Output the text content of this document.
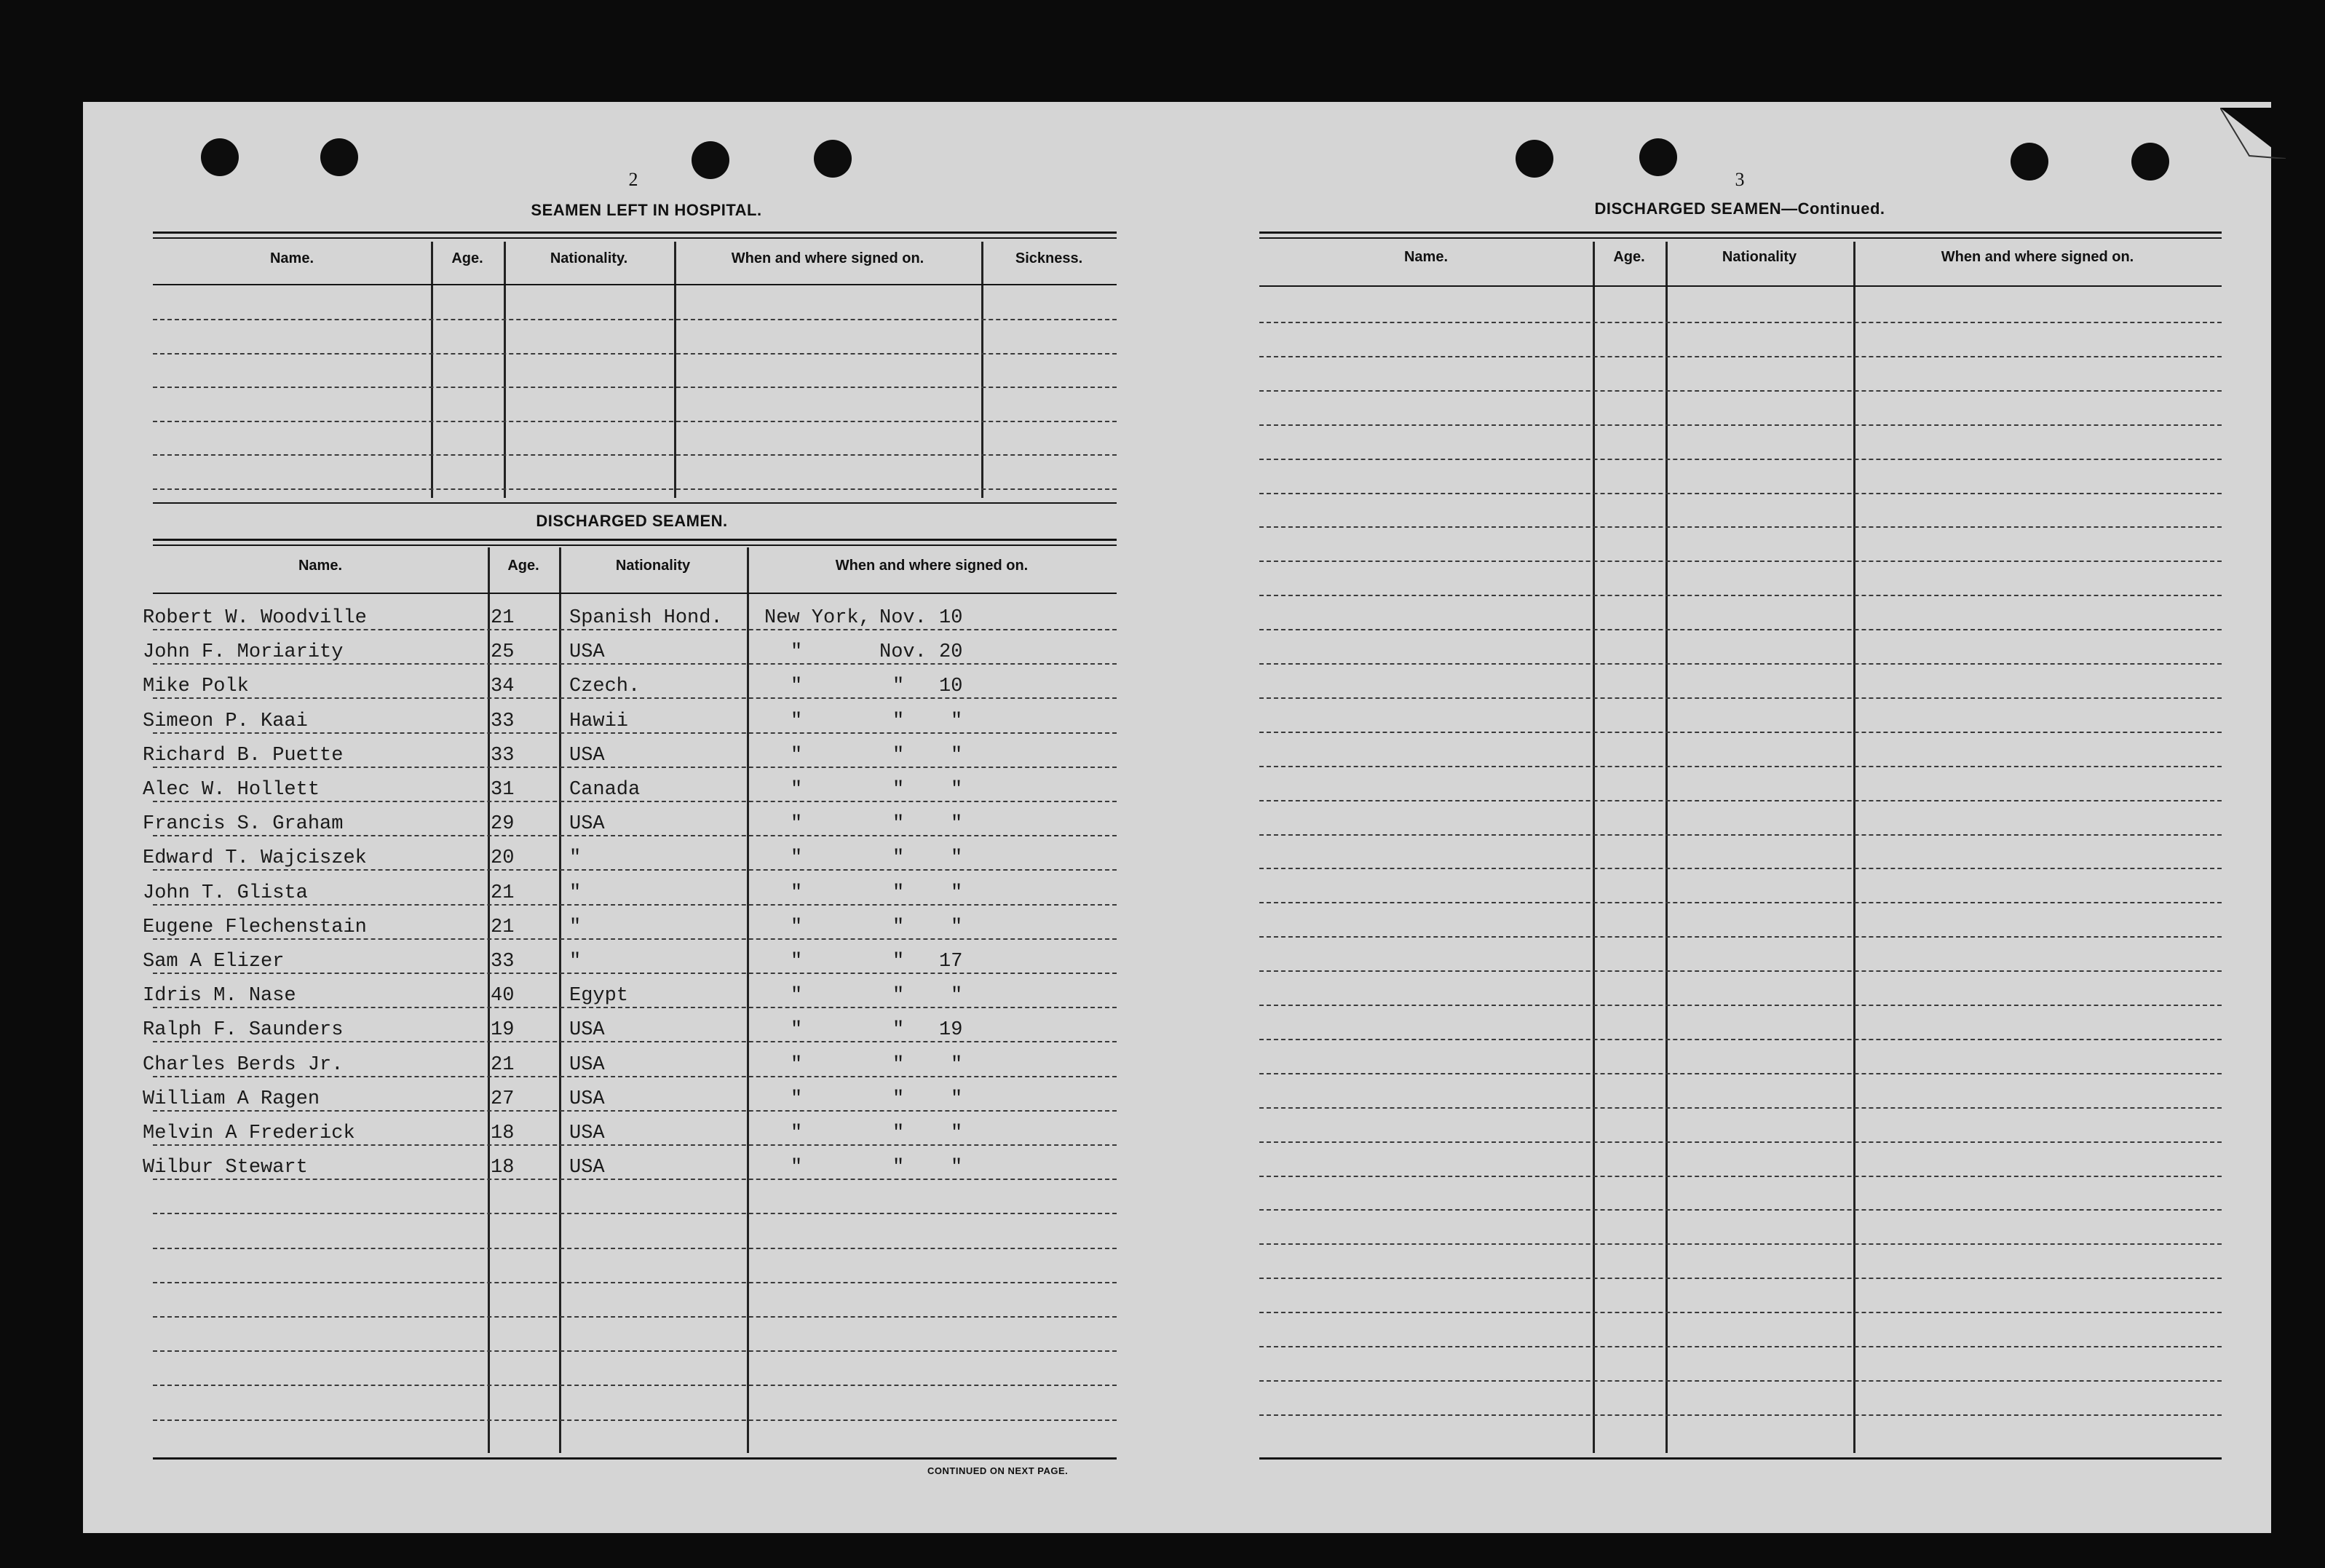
2
SEAMEN LEFT IN HOSPITAL.
Name.	Age.	Nationality.	When and where signed on.	Sickness.
DISCHARGED SEAMEN.
Name.	Age.	Nationality	When and where signed on.
Robert W. Woodville	21	Spanish Hond. New York, Nov. 10
John F. Moriarity	25	USA	"	Nov. 20
Mike Polk	34	Czech.	"	" 10
Simeon P. Kaai	33	Hawii	"	" "
Richard B. Puette	33	USA	"	" "
Alec W. Hollett	31	Canada	"	" "
Francis S. Graham	29	USA	"	" "
Edward T. Wajciszek	20	"	"	" "
John T. Glista	21	"	"	" "
Eugene Flechenstain	21	"	"	" "
Sam A Elizer	33	"	"	" 17
Idris M. Nase	40	Egypt	"	" "
Ralph F. Saunders	19	USA	"	" 19
Charles Berds Jr.	21	USA	"	" "
William A Ragen	27	USA	"	" "
Melvin A Frederick	18	USA	"	" "
Wilbur Stewart	18	USA	"	" "
CONTINUED ON NEXT PAGE.
3
DISCHARGED SEAMEN—Continued.
Name.	Age.	Nationality	When and where signed on.
